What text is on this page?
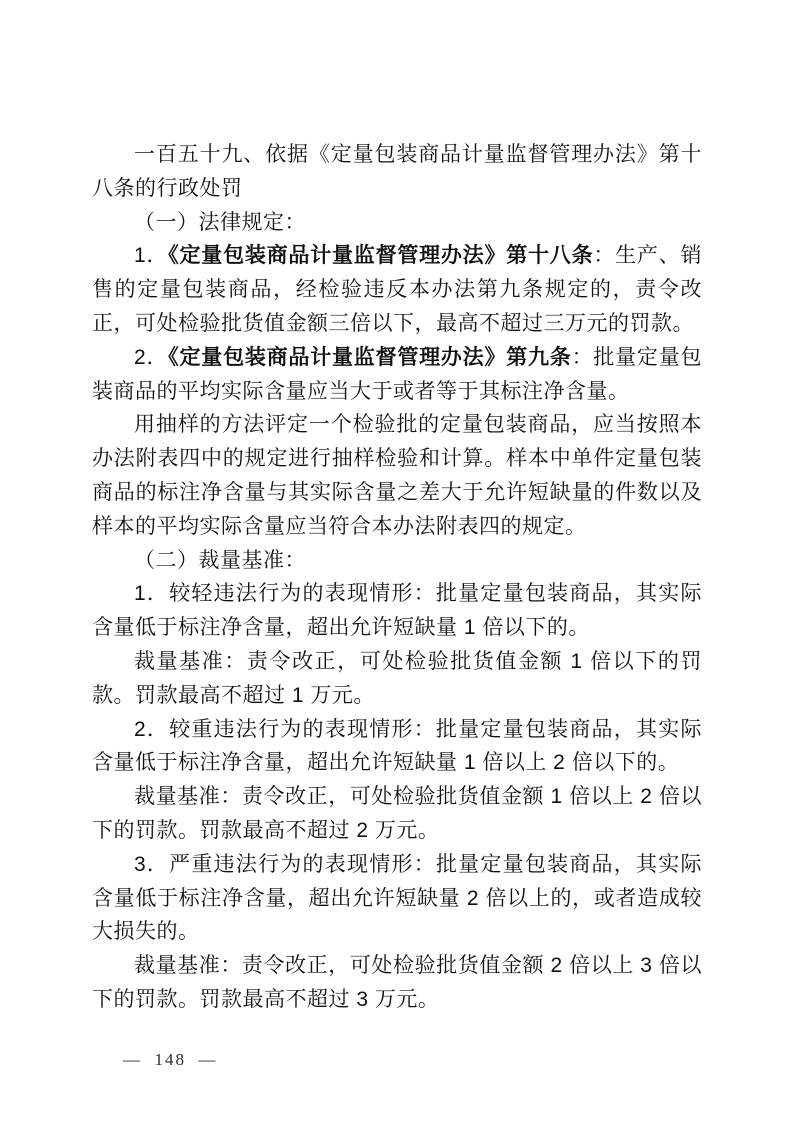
一百五十九、依据《定量包装商品计量监督管理办法》第十八条的行政处罚

（一）法律规定：

1．《定量包装商品计量监督管理办法》第十八条：生产、销售的定量包装商品，经检验违反本办法第九条规定的，责令改正，可处检验批货值金额三倍以下，最高不超过三万元的罚款。

2．《定量包装商品计量监督管理办法》第九条：批量定量包装商品的平均实际含量应当大于或者等于其标注净含量。

用抽样的方法评定一个检验批的定量包装商品，应当按照本办法附表四中的规定进行抽样检验和计算。样本中单件定量包装商品的标注净含量与其实际含量之差大于允许短缺量的件数以及样本的平均实际含量应当符合本办法附表四的规定。

（二）裁量基准：

1．较轻违法行为的表现情形：批量定量包装商品，其实际含量低于标注净含量，超出允许短缺量 1 倍以下的。

裁量基准：责令改正，可处检验批货值金额 1 倍以下的罚款。罚款最高不超过 1 万元。

2．较重违法行为的表现情形：批量定量包装商品，其实际含量低于标注净含量，超出允许短缺量 1 倍以上 2 倍以下的。

裁量基准：责令改正，可处检验批货值金额 1 倍以上 2 倍以下的罚款。罚款最高不超过 2 万元。

3．严重违法行为的表现情形：批量定量包装商品，其实际含量低于标注净含量，超出允许短缺量 2 倍以上的，或者造成较大损失的。

裁量基准：责令改正，可处检验批货值金额 2 倍以上 3 倍以下的罚款。罚款最高不超过 3 万元。

—  148  —
